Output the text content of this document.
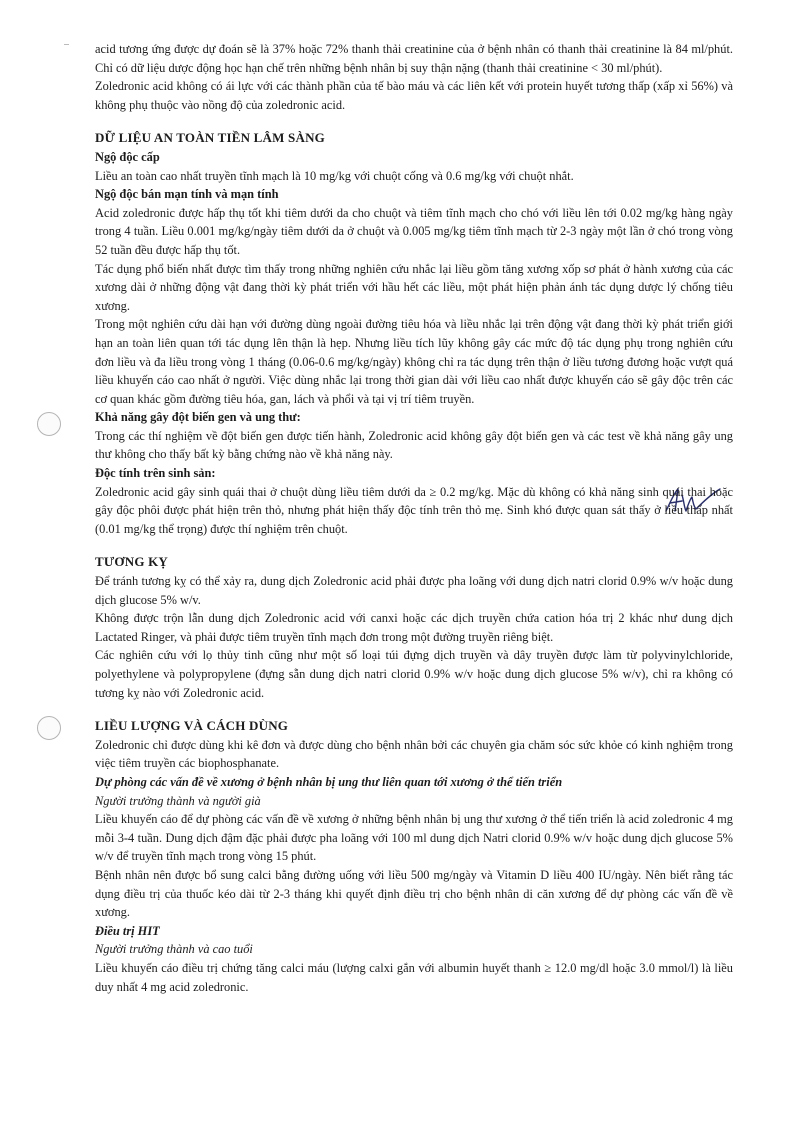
acid tương ứng được dự đoán sẽ là 37% hoặc 72% thanh thải creatinine của ở bệnh nhân có thanh thải creatinine là 84 ml/phút. Chỉ có dữ liệu dược động học hạn chế trên những bệnh nhân bị suy thận nặng (thanh thải creatinine < 30 ml/phút).

Zoledronic acid không có ái lực với các thành phần của tế bào máu và các liên kết với protein huyết tương thấp (xấp xỉ 56%) và không phụ thuộc vào nồng độ của zoledronic acid.

DỮ LIỆU AN TOÀN TIỀN LÂM SÀNG

Ngộ độc cấp

Liều an toàn cao nhất truyền tĩnh mạch là 10 mg/kg với chuột cống và 0.6 mg/kg với chuột nhắt.

Ngộ độc bán mạn tính và mạn tính

Acid zoledronic được hấp thụ tốt khi tiêm dưới da cho chuột và tiêm tĩnh mạch cho chó với liều lên tới 0.02 mg/kg hàng ngày trong 4 tuần. Liều 0.001 mg/kg/ngày tiêm dưới da ở chuột và 0.005 mg/kg tiêm tĩnh mạch từ 2-3 ngày một lần ở chó trong vòng 52 tuần đều được hấp thụ tốt.

Tác dụng phổ biến nhất được tìm thấy trong những nghiên cứu nhắc lại liều gồm tăng xương xốp sơ phát ở hành xương của các xương dài ở những động vật đang thời kỳ phát triển với hầu hết các liều, một phát hiện phản ánh tác dụng dược lý chống tiêu xương.

Trong một nghiên cứu dài hạn với đường dùng ngoài đường tiêu hóa và liều nhắc lại trên động vật đang thời kỳ phát triển giới hạn an toàn liên quan tới tác dụng lên thận là hẹp. Nhưng liều tích lũy không gây các mức độ tác dụng phụ trong nghiên cứu đơn liều và đa liều trong vòng 1 tháng (0.06-0.6 mg/kg/ngày) không chỉ ra tác dụng trên thận ở liều tương đương hoặc vượt quá liều khuyến cáo cao nhất ở người. Việc dùng nhắc lại trong thời gian dài với liều cao nhất được khuyến cáo sẽ gây độc trên các cơ quan khác gồm đường tiêu hóa, gan, lách và phổi và tại vị trí tiêm truyền.

Khả năng gây đột biến gen và ung thư:

Trong các thí nghiệm về đột biến gen được tiến hành, Zoledronic acid không gây đột biến gen và các test về khả năng gây ung thư không cho thấy bất kỳ bằng chứng nào về khả năng này.

Độc tính trên sinh sản:

Zoledronic acid gây sinh quái thai ở chuột dùng liều tiêm dưới da ≥ 0.2 mg/kg. Mặc dù không có khả năng sinh quái thai hoặc gây độc phôi được phát hiện trên thỏ, nhưng phát hiện thấy độc tính trên thỏ mẹ. Sinh khó được quan sát thấy ở liều thấp nhất (0.01 mg/kg thể trọng) được thí nghiệm trên chuột.

TƯƠNG KỴ

Để tránh tương kỵ có thể xảy ra, dung dịch Zoledronic acid phải được pha loãng với dung dịch natri clorid 0.9% w/v hoặc dung dịch glucose 5% w/v.

Không được trộn lẫn dung dịch Zoledronic acid với canxi hoặc các dịch truyền chứa cation hóa trị 2 khác như dung dịch Lactated Ringer, và phải được tiêm truyền tĩnh mạch đơn trong một đường truyền riêng biệt.

Các nghiên cứu với lọ thủy tinh cũng như một số loại túi đựng dịch truyền và dây truyền được làm từ polyvinylchloride, polyethylene và polypropylene (đựng sẵn dung dịch natri clorid 0.9% w/v hoặc dung dịch glucose 5% w/v), chỉ ra không có tương kỵ nào với Zoledronic acid.

LIỀU LƯỢNG VÀ CÁCH DÙNG

Zoledronic chỉ được dùng khi kê đơn và được dùng cho bệnh nhân bởi các chuyên gia chăm sóc sức khỏe có kinh nghiệm trong việc tiêm truyền các biophosphanate.

Dự phòng các vấn đề về xương ở bệnh nhân bị ung thư liên quan tới xương ở thể tiến triển

Người trưởng thành và người già

Liều khuyến cáo để dự phòng các vấn đề về xương ở những bệnh nhân bị ung thư xương ở thể tiến triển là acid zoledronic 4 mg mỗi 3-4 tuần. Dung dịch đậm đặc phải được pha loãng với 100 ml dung dịch Natri clorid 0.9% w/v hoặc dung dịch glucose 5% w/v để truyền tĩnh mạch trong vòng 15 phút.

Bệnh nhân nên được bổ sung calci bằng đường uống với liều 500 mg/ngày và Vitamin D liều 400 IU/ngày. Nên biết rằng tác dụng điều trị của thuốc kéo dài từ 2-3 tháng khi quyết định điều trị cho bệnh nhân di căn xương để dự phòng các vấn đề về xương.

Điều trị HIT

Người trưởng thành và cao tuổi

Liều khuyến cáo điều trị chứng tăng calci máu (lượng calxi gắn với albumin huyết thanh ≥ 12.0 mg/dl hoặc 3.0 mmol/l) là liều duy nhất 4 mg acid zoledronic.
